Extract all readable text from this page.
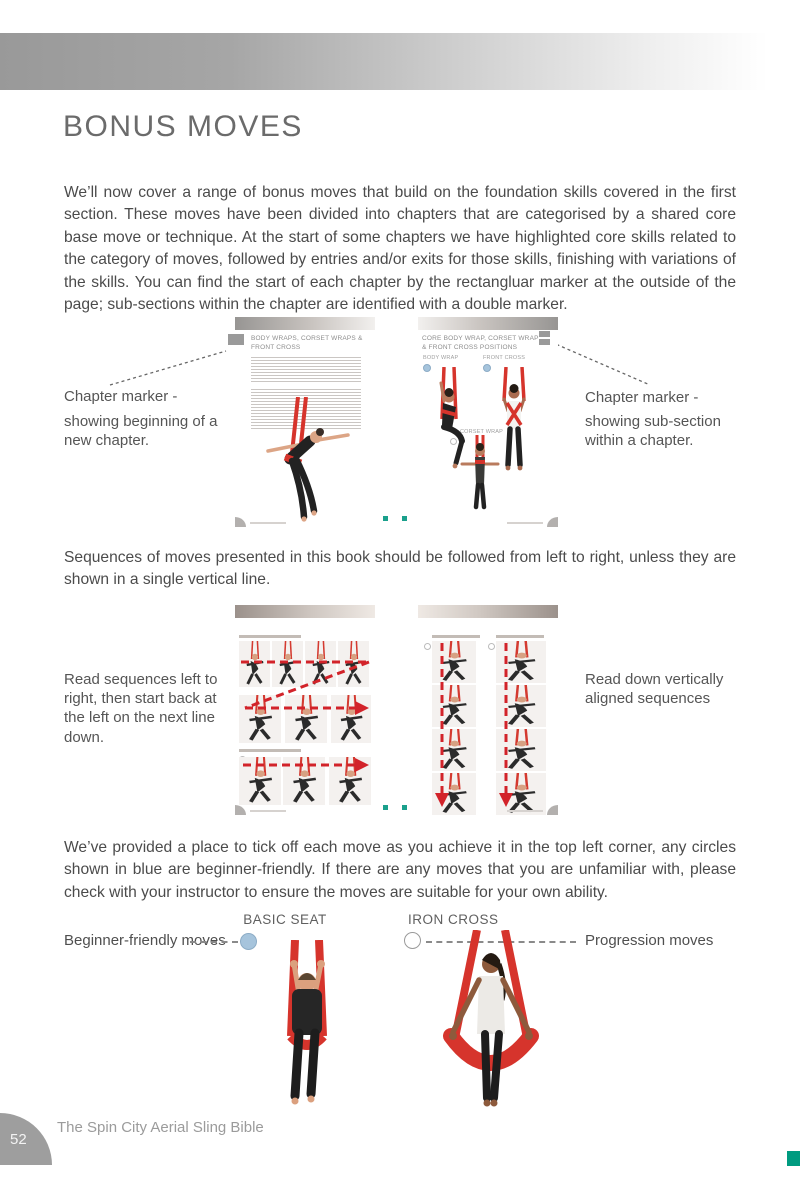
BONUS MOVES
We’ll now cover a range of bonus moves that build on the foundation skills covered in the first section. These moves have been divided into chapters that are categorised by a shared core base move or technique. At the start of some chapters we have highlighted core skills related to the category of moves, followed by entries and/or exits for those skills, finishing with variations of the skills. You can find the start of each chapter by the rectangluar marker at the outside of the page; sub-sections within the chapter are identified with a double marker.
Chapter marker -
showing beginning of a new chapter.
Chapter marker -
showing sub-section within a chapter.
BODY WRAPS, CORSET WRAPS & FRONT CROSS
CORE BODY WRAP, CORSET WRAP & FRONT CROSS POSITIONS
BODY WRAP	FRONT CROSS
CORSET WRAP
Sequences of moves presented in this book should be followed from left to right, unless they are shown in a single vertical line.
Read sequences left to right, then start back at the left on the next line down.
Read down vertically aligned sequences
We’ve provided a place to tick off each move as you achieve it in the top left corner, any circles shown in blue are beginner-friendly. If there are any moves that you are unfamiliar with, please check with your instructor to ensure the moves are suitable for your own ability.
BASIC SEAT	IRON CROSS
Beginner-friendly moves	Progression moves
52
The Spin City Aerial Sling Bible
